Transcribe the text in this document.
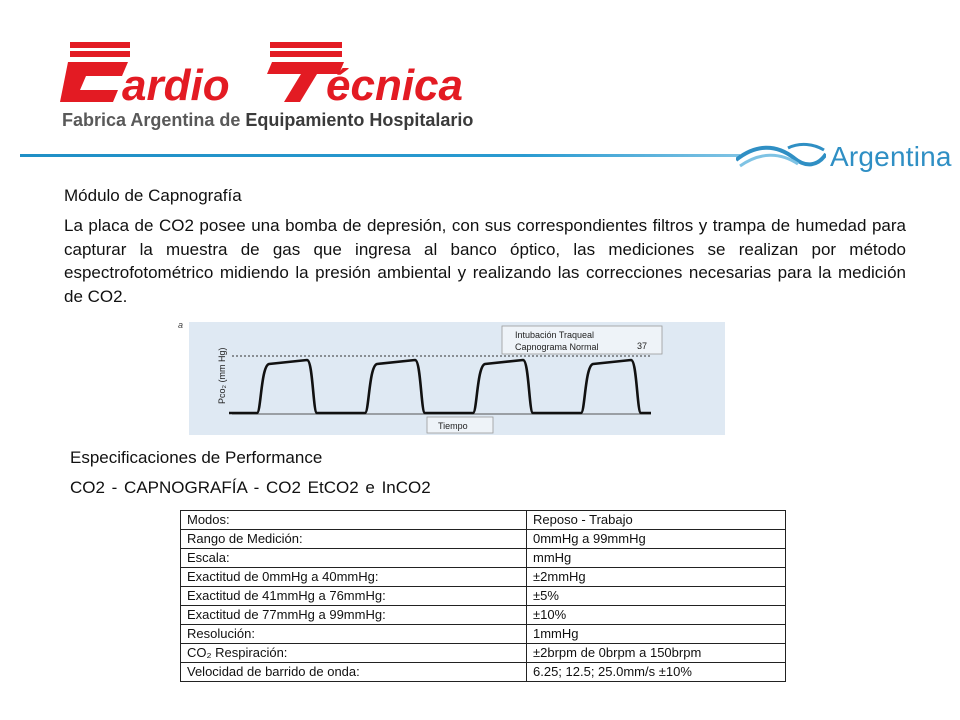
ardio écnica
Fabrica Argentina de Equipamiento Hospitalario
Argentina
Módulo de Capnografía
La placa de CO2 posee una bomba de depresión, con sus correspondientes filtros y trampa de humedad para capturar la muestra de gas que ingresa al banco óptico, las mediciones se realizan por método espectrofotométrico midiendo la presión ambiental y realizando las correcciones necesarias para la medición de CO2.
a
Intubación Traqueal
Capnograma Normal	37
Pco₂ (mm Hg)
Tiempo
Especificaciones de Performance
CO2 - CAPNOGRAFÍA - CO2 EtCO2 e InCO2
Modos:	Reposo - Trabajo
Rango de Medición:	0mmHg a 99mmHg
Escala:	mmHg
Exactitud de 0mmHg a 40mmHg:	±2mmHg
Exactitud de 41mmHg a 76mmHg:	±5%
Exactitud de 77mmHg a 99mmHg:	±10%
Resolución:	1mmHg
CO₂ Respiración:	±2brpm de 0brpm a 150brpm
Velocidad de barrido de onda:	6.25; 12.5; 25.0mm/s ±10%
